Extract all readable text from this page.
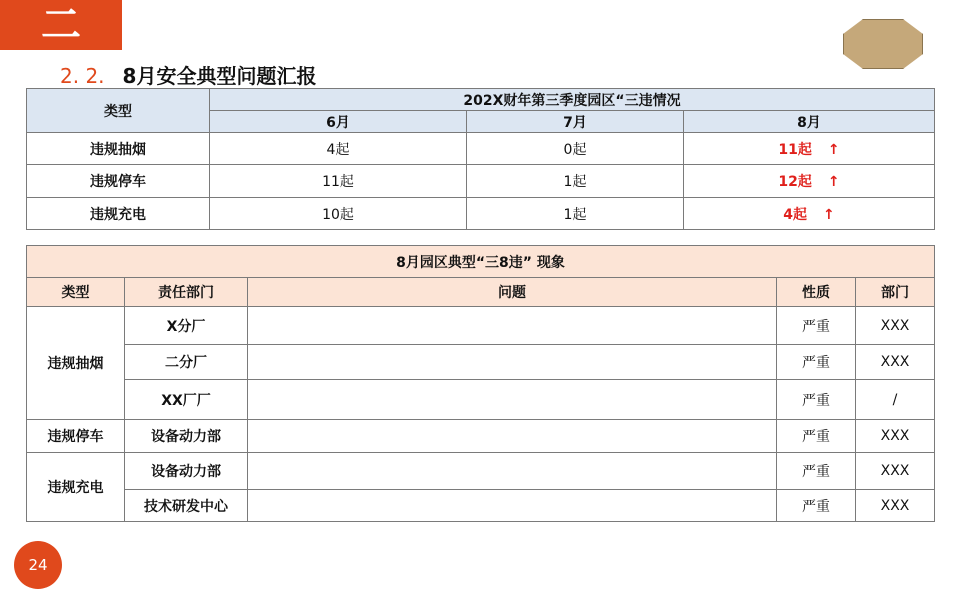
二
2. 2. 8月安全典型问题汇报
类型	202X财年第三季度园区“三违情况		
	6月	7月	8月
违规抽烟	4起	0起	11起 ↑
违规停车	11起	1起	12起 ↑
违规充电	10起	1起	4起 ↑
8月园区典型“三8违” 现象				
类型	责任部门	问题	性质	部门
违规抽烟	X分厂		严重	XXX
	二分厂		严重	XXX
	XX厂厂		严重	/
违规停车	设备动力部		严重	XXX
违规充电	设备动力部		严重	XXX
	技术研发中心		严重	XXX
24
